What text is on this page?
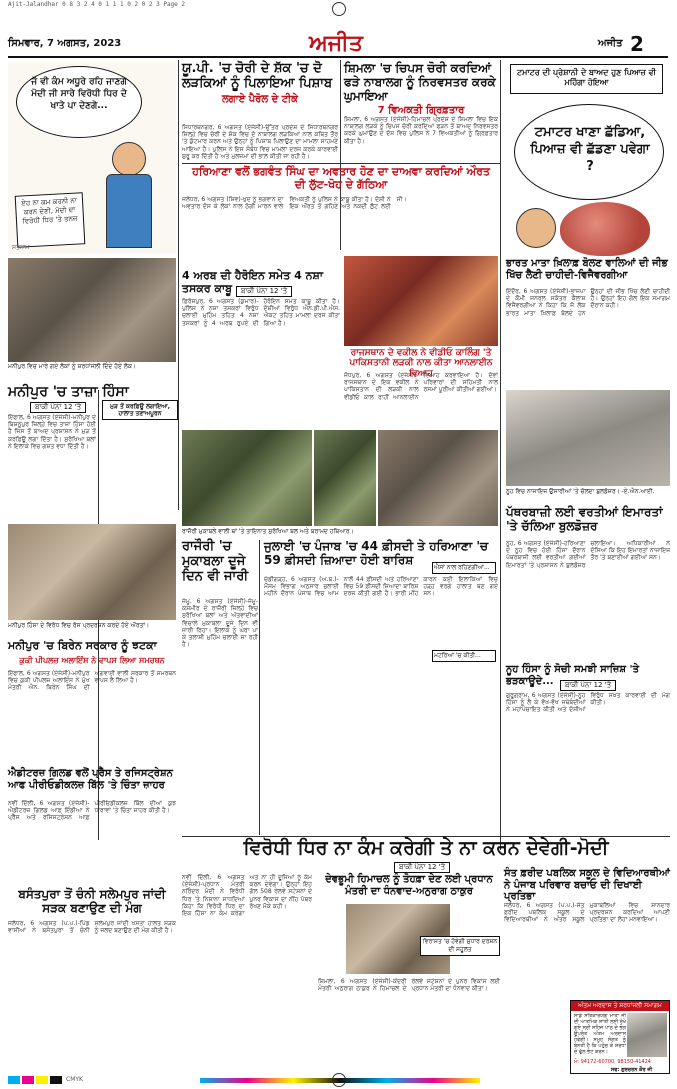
Ajit-Jalandhar 0 8 3 2 4 0 1 1 1 0 2 0 2 3 Page 2
ਸਿਮਵਾਰ, 7 ਅਗਸਤ, 2023	ਅਜੀਤ	ਅਜੀਤ 2
ਜੋ ਵੀ ਕੰਮ ਅਧੂਰੇ ਰਹਿ ਜਾਣਗੇ ਮੋਦੀ ਜੀ ਸਾਰੇ ਵਿਰੋਧੀ ਧਿਰ ਦੇ ਖਾਤੇ ਪਾ ਦੇਣਗੇ...
ਏਹ ਨਾ ਕਮ ਕਰਨੀ ਨਾ ਕਰਨ ਦੇਣੀ, ਮੋਦੀ ਦਾ ਵਿਰੋਧੀ ਧਿਰ 'ਤੇ ਤਨਜ
ਸਤਨਾਮ
ਯੂ.ਪੀ. 'ਚ ਚੋਰੀ ਦੇ ਸ਼ੱਕ 'ਚ ਦੋ ਲੜਕਿਆਂ ਨੂੰ ਪਿਲਾਇਆ ਪਿਸ਼ਾਬ
ਲਗਾਏ ਪੈਰੋਲ ਦੇ ਟੀਕੇ
ਸਿਧਾਰਥਨਗਰ, 6 ਅਗਸਤ (ਏਜੰਸੀ)-ਉੱਤਰ ਪ੍ਰਦੇਸ਼ ਦੇ ਸਿਧਾਰਥਨਗਰ ਜ਼ਿਲ੍ਹੇ ਵਿਚ ਚੋਰੀ ਦੇ ਸ਼ੱਕ ਵਿਚ ਦੋ ਨਾਬਾਲਗ ਲੜਕਿਆਂ ਨਾਲ ਕਥਿਤ ਤੌਰ 'ਤੇ ਕੁੱਟਮਾਰ ਕਰਨ ਅਤੇ ਉਨ੍ਹਾਂ ਨੂੰ ਪਿਸ਼ਾਬ ਪਿਲਾਉਣ ਦਾ ਮਾਮਲਾ ਸਾਹਮਣੇ ਆਇਆ ਹੈ। ਪੁਲਿਸ ਨੇ ਇਸ ਸੰਬੰਧ ਵਿਚ ਮਾਮਲਾ ਦਰਜ ਕਰਕੇ ਕਾਰਵਾਈ ਸ਼ੁਰੂ ਕਰ ਦਿੱਤੀ ਹੈ ਅਤੇ ਮੁਲਜ਼ਮਾਂ ਦੀ ਭਾਲ ਕੀਤੀ ਜਾ ਰਹੀ ਹੈ।
ਸ਼ਿਮਲਾ 'ਚ ਚਿਪਸ ਚੋਰੀ ਕਰਦਿਆਂ ਫੜੇ ਨਾਬਾਲਗ ਨੂੰ ਨਿਰਵਸਤਰ ਕਰਕੇ ਘੁਮਾਇਆ
7 ਵਿਅਕਤੀ ਗ੍ਰਿਫ਼ਤਾਰ
ਸ਼ਿਮਲਾ, 6 ਅਗਸਤ (ਏਜੰਸੀ)-ਹਿਮਾਚਲ ਪ੍ਰਦੇਸ਼ ਦੇ ਸ਼ਿਮਲਾ ਵਿਚ ਇਕ ਨਾਬਾਲਗ ਲੜਕੇ ਨੂੰ ਚਿਪਸ ਚੋਰੀ ਕਰਦਿਆਂ ਫੜਨ ਤੋਂ ਬਾਅਦ ਨਿਰਵਸਤਰ ਕਰਕੇ ਘੁਮਾਉਣ ਦੇ ਦੋਸ਼ ਵਿਚ ਪੁਲਿਸ ਨੇ 7 ਵਿਅਕਤੀਆਂ ਨੂੰ ਗ੍ਰਿਫ਼ਤਾਰ ਕੀਤਾ ਹੈ।
ਹਰਿਆਣਾ ਵਲੋਂ ਭਗਵੰਤ ਸਿੰਘ ਦਾ ਅਵਤਾਰ ਹੋਣ ਦਾ ਦਾਅਵਾ ਕਰਦਿਆਂ ਔਰਤ ਦੀ ਲੁੱਟ-ਖੋਹ ਦੇ ਗੱਠਿਆ
ਜਲੰਧਰ, 6 ਅਗਸਤ (ਸ਼ਿਵ)-ਖੁਦ ਨੂੰ ਭਗਵਾਨ ਦਾ ਅਵਤਾਰ ਦੱਸ ਕੇ ਲੋਕਾਂ ਨਾਲ ਠੱਗੀ ਮਾਰਨ ਵਾਲੇ ਵਿਅਕਤੀ ਨੂੰ ਪੁਲਿਸ ਨੇ ਕਾਬੂ ਕੀਤਾ ਹੈ। ਦੋਸ਼ੀ ਨੇ ਇਕ ਔਰਤ ਤੋਂ ਗਹਿਣੇ ਅਤੇ ਨਕਦੀ ਲੁੱਟ ਲਈ ਸੀ।
ਟਮਾਟਰ ਦੀ ਪ੍ਰੇਸ਼ਾਨੀ ਦੇ ਬਾਅਦ ਹੁਣ ਪਿਆਜ਼ ਵੀ ਮਹਿੰਗਾ ਹੋਇਆ
ਟਮਾਟਰ ਖਾਣਾ ਛੱਡਿਆ, ਪਿਆਜ਼ ਵੀ ਛੱਡਣਾ ਪਵੇਗਾ ?
ਮਨੀਪੁਰ ਵਿਚ ਮਾਰੇ ਗਏ ਲੋਕਾਂ ਨੂੰ ਸ਼ਰਧਾਂਜਲੀ ਦਿੰਦੇ ਹੋਏ ਲੋਕ।
4 ਅਰਬ ਦੀ ਹੈਰੋਇਨ ਸਮੇਤ 4 ਨਸ਼ਾ ਤਸਕਰ ਕਾਬੂ	ਬਾਕੀ ਪੰਨਾ 12 'ਤੇ
ਫ਼ਿਰੋਜ਼ਪੁਰ, 6 ਅਗਸਤ (ਕੁਮਾਰ)-ਪੁਲਿਸ ਨੇ ਨਸ਼ਾ ਤਸਕਰਾਂ ਵਿਰੁੱਧ ਚਲਾਈ ਮੁਹਿੰਮ ਤਹਿਤ 4 ਨਸ਼ਾ ਤਸਕਰਾਂ ਨੂੰ 4 ਅਰਬ ਰੁਪਏ ਦੀ ਹੈਰੋਇਨ ਸਮੇਤ ਕਾਬੂ ਕੀਤਾ ਹੈ। ਦੋਸ਼ੀਆਂ ਵਿਰੁੱਧ ਐਨ.ਡੀ.ਪੀ.ਐਸ. ਐਕਟ ਤਹਿਤ ਮਾਮਲਾ ਦਰਜ ਕੀਤਾ ਗਿਆ ਹੈ।
ਰਾਜਸਥਾਨ ਦੇ ਵਕੀਲ ਨੇ ਵੀਡੀਓ ਕਾਲਿੰਗ 'ਤੇ ਪਾਕਿਸਤਾਨੀ ਲੜਕੀ ਨਾਲ ਕੀਤਾ ਆਨਲਾਈਨ ਵਿਆਹ
ਜੋਧਪੁਰ, 6 ਅਗਸਤ (ਏਜੰਸੀ)-ਰਾਜਸਥਾਨ ਦੇ ਇਕ ਵਕੀਲ ਨੇ ਪਾਕਿਸਤਾਨ ਦੀ ਲੜਕੀ ਨਾਲ ਵੀਡੀਓ ਕਾਲ ਰਾਹੀਂ ਆਨਲਾਈਨ ਵਿਆਹ ਕਰਵਾਇਆ ਹੈ। ਦੋਵਾਂ ਪਰਿਵਾਰਾਂ ਦੀ ਸਹਿਮਤੀ ਨਾਲ ਰਸਮਾਂ ਪੂਰੀਆਂ ਕੀਤੀਆਂ ਗਈਆਂ।
ਭਾਰਤ ਮਾਤਾ ਖ਼ਿਲਾਫ਼ ਬੋਲਣ ਵਾਲਿਆਂ ਦੀ ਜੀਭ ਖਿੱਚ ਲੈਣੀ ਚਾਹੀਦੀ-ਵਿਜੈਵਰਗੀਆ
ਇੰਦੌਰ, 6 ਅਗਸਤ (ਏਜੰਸੀ)-ਭਾਜਪਾ ਦੇ ਕੌਮੀ ਜਨਰਲ ਸਕੱਤਰ ਕੈਲਾਸ਼ ਵਿਜੈਵਰਗੀਆ ਨੇ ਕਿਹਾ ਕਿ ਜੋ ਲੋਕ ਭਾਰਤ ਮਾਤਾ ਖ਼ਿਲਾਫ਼ ਬੋਲਦੇ ਹਨ ਉਨ੍ਹਾਂ ਦੀ ਜੀਭ ਖਿੱਚ ਲੈਣੀ ਚਾਹੀਦੀ ਹੈ। ਉਨ੍ਹਾਂ ਇਹ ਗੱਲ ਇਕ ਸਮਾਗਮ ਦੌਰਾਨ ਕਹੀ।
ਮਨੀਪੁਰ 'ਚ ਤਾਜ਼ਾ ਹਿੰਸਾ
ਬਾਕੀ ਪੰਨਾ 12 'ਤੇ
ਇੰਫਾਲ, 6 ਅਗਸਤ (ਏਜੰਸੀ)-ਮਨੀਪੁਰ ਦੇ ਬਿਸ਼ਨੂਪੁਰ ਜ਼ਿਲ੍ਹੇ ਵਿਚ ਤਾਜ਼ਾ ਹਿੰਸਾ ਹੋਈ ਹੈ ਜਿਸ ਤੋਂ ਬਾਅਦ ਪ੍ਰਸ਼ਾਸਨ ਨੇ ਮੁੜ ਤੋਂ ਕਰਫ਼ਿਊ ਲਗਾ ਦਿੱਤਾ ਹੈ। ਸੁਰੱਖਿਆ ਬਲਾਂ ਨੇ ਇਲਾਕੇ ਵਿਚ ਗਸ਼ਤ ਵਧਾ ਦਿੱਤੀ ਹੈ।
ਮੁੜ ਤੋਂ ਕਰਫ਼ਿਊ ਲਗਾਇਆ, ਹਾਲਾਤ ਤਣਾਅਪੂਰਨ
ਰਾਜੌਰੀ ਮੁਕਾਬਲੇ ਵਾਲੀ ਥਾਂ 'ਤੇ ਤਾਇਨਾਤ ਸੁਰੱਖਿਆ ਬਲ ਅਤੇ ਬਰਾਮਦ ਹਥਿਆਰ।
ਨੂਹ ਵਿਚ ਨਾਜਾਇਜ਼ ਉਸਾਰੀਆਂ 'ਤੇ ਚੱਲਦਾ ਬੁਲਡੋਜ਼ਰ। -ਏ.ਐਨ.ਆਈ.
ਪੱਥਰਬਾਜ਼ੀ ਲਈ ਵਰਤੀਆਂ ਇਮਾਰਤਾਂ 'ਤੇ ਚੱਲਿਆ ਬੁਲਡੋਜ਼ਰ
ਨੂਹ, 6 ਅਗਸਤ (ਏਜੰਸੀ)-ਹਰਿਆਣਾ ਦੇ ਨੂਹ ਵਿਚ ਹੋਈ ਹਿੰਸਾ ਦੌਰਾਨ ਪੱਥਰਬਾਜ਼ੀ ਲਈ ਵਰਤੀਆਂ ਗਈਆਂ ਇਮਾਰਤਾਂ 'ਤੇ ਪ੍ਰਸ਼ਾਸਨ ਨੇ ਬੁਲਡੋਜ਼ਰ ਚਲਾਇਆ। ਅਧਿਕਾਰੀਆਂ ਨੇ ਦੱਸਿਆ ਕਿ ਇਹ ਇਮਾਰਤਾਂ ਨਾਜਾਇਜ਼ ਤੌਰ 'ਤੇ ਬਣਾਈਆਂ ਗਈਆਂ ਸਨ।
ਮਨੀਪੁਰ ਹਿੰਸਾ ਦੇ ਵਿਰੋਧ ਵਿਚ ਰੋਸ ਪ੍ਰਦਰਸ਼ਨ ਕਰਦੇ ਹੋਏ ਔਰਤਾਂ।
ਰਾਜੌਰੀ 'ਚ ਮੁਕਾਬਲਾ ਦੂਜੇ ਦਿਨ ਵੀ ਜਾਰੀ
ਜੰਮੂ, 6 ਅਗਸਤ (ਏਜੰਸੀ)-ਜੰਮੂ-ਕਸ਼ਮੀਰ ਦੇ ਰਾਜੌਰੀ ਜ਼ਿਲ੍ਹੇ ਵਿਚ ਸੁਰੱਖਿਆ ਬਲਾਂ ਅਤੇ ਅੱਤਵਾਦੀਆਂ ਵਿਚਾਲੇ ਮੁਕਾਬਲਾ ਦੂਜੇ ਦਿਨ ਵੀ ਜਾਰੀ ਰਿਹਾ। ਇਲਾਕੇ ਨੂੰ ਘੇਰਾ ਪਾ ਕੇ ਤਲਾਸ਼ੀ ਮੁਹਿੰਮ ਚਲਾਈ ਜਾ ਰਹੀ ਹੈ।
ਜੁਲਾਈ 'ਚ ਪੰਜਾਬ 'ਚ 44 ਫ਼ੀਸਦੀ ਤੇ ਹਰਿਆਣਾ 'ਚ 59 ਫ਼ੀਸਦੀ ਜ਼ਿਆਦਾ ਹੋਈ ਬਾਰਿਸ਼
ਚੰਡੀਗੜ੍ਹ, 6 ਅਗਸਤ (ਅ.ਬ.)-ਮੌਸਮ ਵਿਭਾਗ ਅਨੁਸਾਰ ਜੁਲਾਈ ਮਹੀਨੇ ਦੌਰਾਨ ਪੰਜਾਬ ਵਿਚ ਆਮ ਨਾਲੋਂ 44 ਫ਼ੀਸਦੀ ਅਤੇ ਹਰਿਆਣਾ ਵਿਚ 59 ਫ਼ੀਸਦੀ ਜ਼ਿਆਦਾ ਬਾਰਿਸ਼ ਦਰਜ ਕੀਤੀ ਗਈ ਹੈ। ਭਾਰੀ ਮੀਂਹ ਕਾਰਨ ਕਈ ਇਲਾਕਿਆਂ ਵਿਚ ਹੜ੍ਹ ਵਰਗੇ ਹਾਲਾਤ ਬਣ ਗਏ ਸਨ।
ਐਸਾਂ ਨਾਲ ਰਹਿਣਗੀਆਂ...
ਮਟਰਿਆਂ 'ਚ ਕੀਤੀ...
ਨੂਹ ਹਿੰਸਾ ਨੂੰ ਸੋਚੀ ਸਮਝੀ ਸਾਜ਼ਿਸ਼ 'ਤੇ ਭੜਕਾਊਦੇ...	ਬਾਕੀ ਪੰਨਾ 12 'ਤੇ
ਗੁਰੂਗ੍ਰਾਮ, 6 ਅਗਸਤ (ਏਜੰਸੀ)-ਨੂਹ ਹਿੰਸਾ ਨੂੰ ਲੈ ਕੇ ਵੱਖ-ਵੱਖ ਜਥੇਬੰਦੀਆਂ ਨੇ ਮਹਾਂਪੰਚਾਇਤ ਕੀਤੀ ਅਤੇ ਦੋਸ਼ੀਆਂ ਵਿਰੁੱਧ ਸਖ਼ਤ ਕਾਰਵਾਈ ਦੀ ਮੰਗ ਕੀਤੀ।
ਮਨੀਪੁਰ 'ਚ ਬਿਰੇਨ ਸਰਕਾਰ ਨੂੰ ਝਟਕਾ
ਕੁਕੀ ਪੀਪਲਜ਼ ਅਲਾਇੰਸ ਨੇ ਵਾਪਸ ਲਿਆ ਸਮਰਥਨ
ਇੰਫਾਲ, 6 ਅਗਸਤ (ਏਜੰਸੀ)-ਮਨੀਪੁਰ ਵਿਚ ਕੁਕੀ ਪੀਪਲਜ਼ ਅਲਾਇੰਸ ਨੇ ਮੁੱਖ ਮੰਤਰੀ ਐਨ. ਬਿਰੇਨ ਸਿੰਘ ਦੀ ਅਗਵਾਈ ਵਾਲੀ ਸਰਕਾਰ ਤੋਂ ਸਮਰਥਨ ਵਾਪਸ ਲੈ ਲਿਆ ਹੈ।
ਐਡੀਟਰਜ਼ ਗਿਲਡ ਵਲੋਂ ਪ੍ਰੈੱਸ ਤੇ ਰਜਿਸਟ੍ਰੇਸ਼ਨ ਆਫ ਪੀਰੀਓਡੀਕਲਜ਼ ਬਿੱਲ 'ਤੇ ਚਿੰਤਾ ਜ਼ਾਹਰ
ਨਵੀਂ ਦਿੱਲੀ, 6 ਅਗਸਤ (ਏਜੰਸੀ)-ਐਡੀਟਰਜ਼ ਗਿਲਡ ਆਫ਼ ਇੰਡੀਆ ਨੇ ਪ੍ਰੈੱਸ ਅਤੇ ਰਜਿਸਟ੍ਰੇਸ਼ਨ ਆਫ਼ ਪੀਰੀਓਡੀਕਲਜ਼ ਬਿੱਲ ਦੀਆਂ ਕੁਝ ਧਾਰਾਵਾਂ 'ਤੇ ਚਿੰਤਾ ਜ਼ਾਹਰ ਕੀਤੀ ਹੈ।
ਵਿਰੋਧੀ ਧਿਰ ਨਾ ਕੰਮ ਕਰੇਗੀ ਤੇ ਨਾ ਕਰਨ ਦੇਵੇਗੀ-ਮੋਦੀ
ਬਾਕੀ ਪੰਨਾ 12 'ਤੇ
ਨਵੀਂ ਦਿੱਲੀ, 6 ਅਗਸਤ (ਏਜੰਸੀ)-ਪ੍ਰਧਾਨ ਮੰਤਰੀ ਨਰਿੰਦਰ ਮੋਦੀ ਨੇ ਵਿਰੋਧੀ ਧਿਰ 'ਤੇ ਨਿਸ਼ਾਨਾ ਸਾਧਦਿਆਂ ਕਿਹਾ ਕਿ ਵਿਰੋਧੀ ਧਿਰ ਦਾ ਇਕ ਹਿੱਸਾ ਨਾ ਕੰਮ ਕਰੇਗਾ ਅਤੇ ਨਾ ਹੀ ਦੂਜਿਆਂ ਨੂੰ ਕੰਮ ਕਰਨ ਦੇਵੇਗਾ। ਉਨ੍ਹਾਂ ਇਹ ਗੱਲ 508 ਰੇਲਵੇ ਸਟੇਸ਼ਨਾਂ ਦੇ ਪੁਨਰ ਵਿਕਾਸ ਦਾ ਨੀਂਹ ਪੱਥਰ ਰੱਖਣ ਮੌਕੇ ਕਹੀ।
ਦੇਵਭੂਮੀ ਹਿਮਾਚਲ ਨੂੰ ਤੋਹਫ਼ਾ ਦੇਣ ਲਈ ਪ੍ਰਧਾਨ ਮੰਤਰੀ ਦਾ ਧੰਨਵਾਦ-ਅਨੁਰਾਗ ਠਾਕੁਰ
ਸ਼ਿਮਲਾ, 6 ਅਗਸਤ (ਏਜੰਸੀ)-ਕੇਂਦਰੀ ਮੰਤਰੀ ਅਨੁਰਾਗ ਠਾਕੁਰ ਨੇ ਹਿਮਾਚਲ ਦੇ ਰੇਲਵੇ ਸਟੇਸ਼ਨਾਂ ਦੇ ਪੁਨਰ ਵਿਕਾਸ ਲਈ ਪ੍ਰਧਾਨ ਮੰਤਰੀ ਦਾ ਧੰਨਵਾਦ ਕੀਤਾ।
ਵਿਰਾਸਤ 'ਚ ਹੋਵੇਗੀ ਸੁਧਾਰ ਦਰਸ਼ਨ ਦੀ ਸਹੂਲਤ
ਬਸੰਤਪੁਰਾ ਤੋਂ ਚੰਨੀ ਸਲੇਮਪੁਰ ਜਾਂਦੀ ਸੜਕ ਬਣਾਉਣ ਦੀ ਮੰਗ
ਜਲੰਧਰ, 6 ਅਗਸਤ (ਪ.ਪ.)-ਪਿੰਡ ਵਾਸੀਆਂ ਨੇ ਬਸੰਤਪੁਰਾ ਤੋਂ ਚੰਨੀ ਸਲੇਮਪੁਰ ਜਾਂਦੀ ਖਸਤਾ ਹਾਲਤ ਸੜਕ ਨੂੰ ਜਲਦ ਬਣਾਉਣ ਦੀ ਮੰਗ ਕੀਤੀ ਹੈ।
ਸੰਤ ਫ਼ਰੀਦ ਪਬਲਿਕ ਸਕੂਲ ਦੇ ਵਿਦਿਆਰਥੀਆਂ ਨੇ ਪੰਜਾਬ ਪਰਿਵਾਰ ਬਚਾਓ ਦੀ ਦਿਖਾਈ ਪ੍ਰਤਿਭਾ
ਜਲੰਧਰ, 6 ਅਗਸਤ (ਪ.ਪ.)-ਸੰਤ ਫ਼ਰੀਦ ਪਬਲਿਕ ਸਕੂਲ ਦੇ ਵਿਦਿਆਰਥੀਆਂ ਨੇ ਅੰਤਰ ਸਕੂਲ ਮੁਕਾਬਲਿਆਂ ਵਿਚ ਸ਼ਾਨਦਾਰ ਪ੍ਰਦਰਸ਼ਨ ਕਰਦਿਆਂ ਆਪਣੀ ਪ੍ਰਤਿਭਾ ਦਾ ਲੋਹਾ ਮਨਵਾਇਆ।
ਅੰਤਮ ਅਰਦਾਸ ਤੇ ਸ਼ਰਧਾਂਜਲੀ ਸਮਾਗਮ
ਸਾਡੇ ਸਤਿਕਾਰਯੋਗ ਮਾਤਾ ਜੀ ਦੀ ਆਤਮਿਕ ਸ਼ਾਂਤੀ ਲਈ ਰੱਖੇ ਗਏ ਸ੍ਰੀ ਸਹਿਜ ਪਾਠ ਦੇ ਭੋਗ ਉਪਰੰਤ ਅੰਤਮ ਅਰਦਾਸ ਹੋਵੇਗੀ। ਸਮੂਹ ਸੰਗਤ ਨੂੰ ਬੇਨਤੀ ਹੈ ਕਿ ਪਹੁੰਚ ਕੇ ਸ਼ਰਧਾ ਦੇ ਫੁੱਲ ਭੇਟ ਕਰਨ।
ਮੋ: 94172-60700, 98150-41424
ਸਵ: ਗੁਰਚਰਨ ਕੌਰ ਜੀ
CMYK
